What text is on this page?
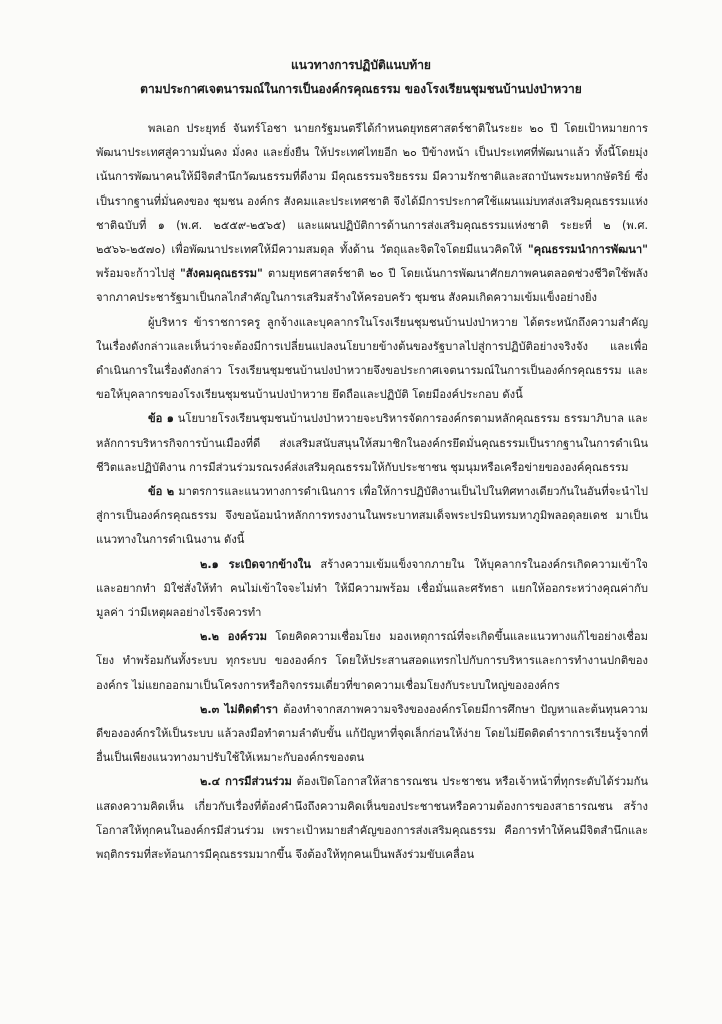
แนวทางการปฏิบัติแนบท้าย
ตามประกาศเจตนารมณ์ในการเป็นองค์กรคุณธรรม ของโรงเรียนชุมชนบ้านปงป่าหวาย

พลเอก ประยุทธ์ จันทร์โอชา นายกรัฐมนตรีได้กำหนดยุทธศาสตร์ชาติในระยะ ๒๐ ปี โดยเป้าหมายการพัฒนาประเทศสู่ความมั่นคง มั่งคง และยั่งยืน ให้ประเทศไทยอีก ๒๐ ปีข้างหน้า เป็นประเทศที่พัฒนาแล้ว ทั้งนี้โดยมุ่งเน้นการพัฒนาคนให้มีจิตสำนึกวัฒนธรรมที่ดีงาม มีคุณธรรมจริยธรรม มีความรักชาติและสถาบันพระมหากษัตริย์ ซึ่งเป็นรากฐานที่มั่นคงของ ชุมชน องค์กร สังคมและประเทศชาติ จึงได้มีการประกาศใช้แผนแม่บทส่งเสริมคุณธรรมแห่งชาติฉบับที่ ๑ (พ.ศ. ๒๕๕๙-๒๕๖๕) และแผนปฏิบัติการด้านการส่งเสริมคุณธรรมแห่งชาติ ระยะที่ ๒ (พ.ศ. ๒๕๖๖-๒๕๗๐) เพื่อพัฒนาประเทศให้มีความสมดุล ทั้งด้าน วัตถุและจิตใจโดยมีแนวคิดให้ "คุณธรรมนำการพัฒนา" พร้อมจะก้าวไปสู่ "สังคมคุณธรรม" ตามยุทธศาสตร์ชาติ ๒๐ ปี โดยเน้นการพัฒนาศักยภาพคนตลอดช่วงชีวิตใช้พลังจากภาคประชารัฐมาเป็นกลไกสำคัญในการเสริมสร้างให้ครอบครัว ชุมชน สังคมเกิดความเข้มแข็งอย่างยิ่ง

ผู้บริหาร ข้าราชการครู ลูกจ้างและบุคลากรในโรงเรียนชุมชนบ้านปงป่าหวาย ได้ตระหนักถึงความสำคัญในเรื่องดังกล่าวและเห็นว่าจะต้องมีการเปลี่ยนแปลงนโยบายข้างต้นของรัฐบาลไปสู่การปฏิบัติอย่างจริงจัง และเพื่อดำเนินการในเรื่องดังกล่าว โรงเรียนชุมชนบ้านปงป่าหวายจึงขอประกาศเจตนารมณ์ในการเป็นองค์กรคุณธรรม และขอให้บุคลากรของโรงเรียนชุมชนบ้านปงป่าหวาย ยึดถือและปฏิบัติ โดยมีองค์ประกอบ ดังนี้

ข้อ ๑ นโยบายโรงเรียนชุมชนบ้านปงป่าหวายจะบริหารจัดการองค์กรตามหลักคุณธรรม ธรรมาภิบาล และหลักการบริหารกิจการบ้านเมืองที่ดี ส่งเสริมสนับสนุนให้สมาชิกในองค์กรยึดมั่นคุณธรรมเป็นรากฐานในการดำเนินชีวิตและปฏิบัติงาน การมีส่วนร่วมรณรงค์ส่งเสริมคุณธรรมให้กับประชาชน ชุมนุมหรือเครือข่ายขององค์คุณธรรม

ข้อ ๒ มาตรการและแนวทางการดำเนินการ เพื่อให้การปฏิบัติงานเป็นไปในทิศทางเดียวกันในอันที่จะนำไปสู่การเป็นองค์กรคุณธรรม จึงขอน้อมนำหลักการทรงงานในพระบาทสมเด็จพระปรมินทรมหาภูมิพลอดุลยเดช มาเป็นแนวทางในการดำเนินงาน ดังนี้

๒.๑ ระเบิดจากข้างใน สร้างความเข้มแข็งจากภายใน ให้บุคลากรในองค์กรเกิดความเข้าใจ และอยากทำ มิใช่สั่งให้ทำ คนไม่เข้าใจจะไม่ทำ ให้มีความพร้อม เชื่อมั่นและศรัทธา แยกให้ออกระหว่างคุณค่ากับมูลค่า ว่ามีเหตุผลอย่างไรจึงควรทำ

๒.๒ องค์รวม โดยคิดความเชื่อมโยง มองเหตุการณ์ที่จะเกิดขึ้นและแนวทางแก้ไขอย่างเชื่อมโยง ทำพร้อมกันทั้งระบบ ทุกระบบ ขององค์กร โดยให้ประสานสอดแทรกไปกับการบริหารและการทำงานปกติขององค์กร ไม่แยกออกมาเป็นโครงการหรือกิจกรรมเดี่ยวที่ขาดความเชื่อมโยงกับระบบใหญ่ขององค์กร

๒.๓ ไม่ติดตำรา ต้องทำจากสภาพความจริงขององค์กรโดยมีการศึกษา ปัญหาและต้นทุนความดีขององค์กรให้เป็นระบบ แล้วลงมือทำตามลำดับขั้น แก้ปัญหาที่จุดเล็กก่อนให้ง่าย โดยไม่ยึดติดตำราการเรียนรู้จากที่อื่นเป็นเพียงแนวทางมาปรับใช้ให้เหมาะกับองค์กรของตน

๒.๔ การมีส่วนร่วม ต้องเปิดโอกาสให้สาธารณชน ประชาชน หรือเจ้าหน้าที่ทุกระดับได้ร่วมกันแสดงความคิดเห็น เกี่ยวกับเรื่องที่ต้องคำนึงถึงความคิดเห็นของประชาชนหรือความต้องการของสาธารณชน สร้างโอกาสให้ทุกคนในองค์กรมีส่วนร่วม เพราะเป้าหมายสำคัญของการส่งเสริมคุณธรรม คือการทำให้คนมีจิตสำนึกและพฤติกรรมที่สะท้อนการมีคุณธรรมมากขึ้น จึงต้องให้ทุกคนเป็นพลังร่วมขับเคลื่อน
